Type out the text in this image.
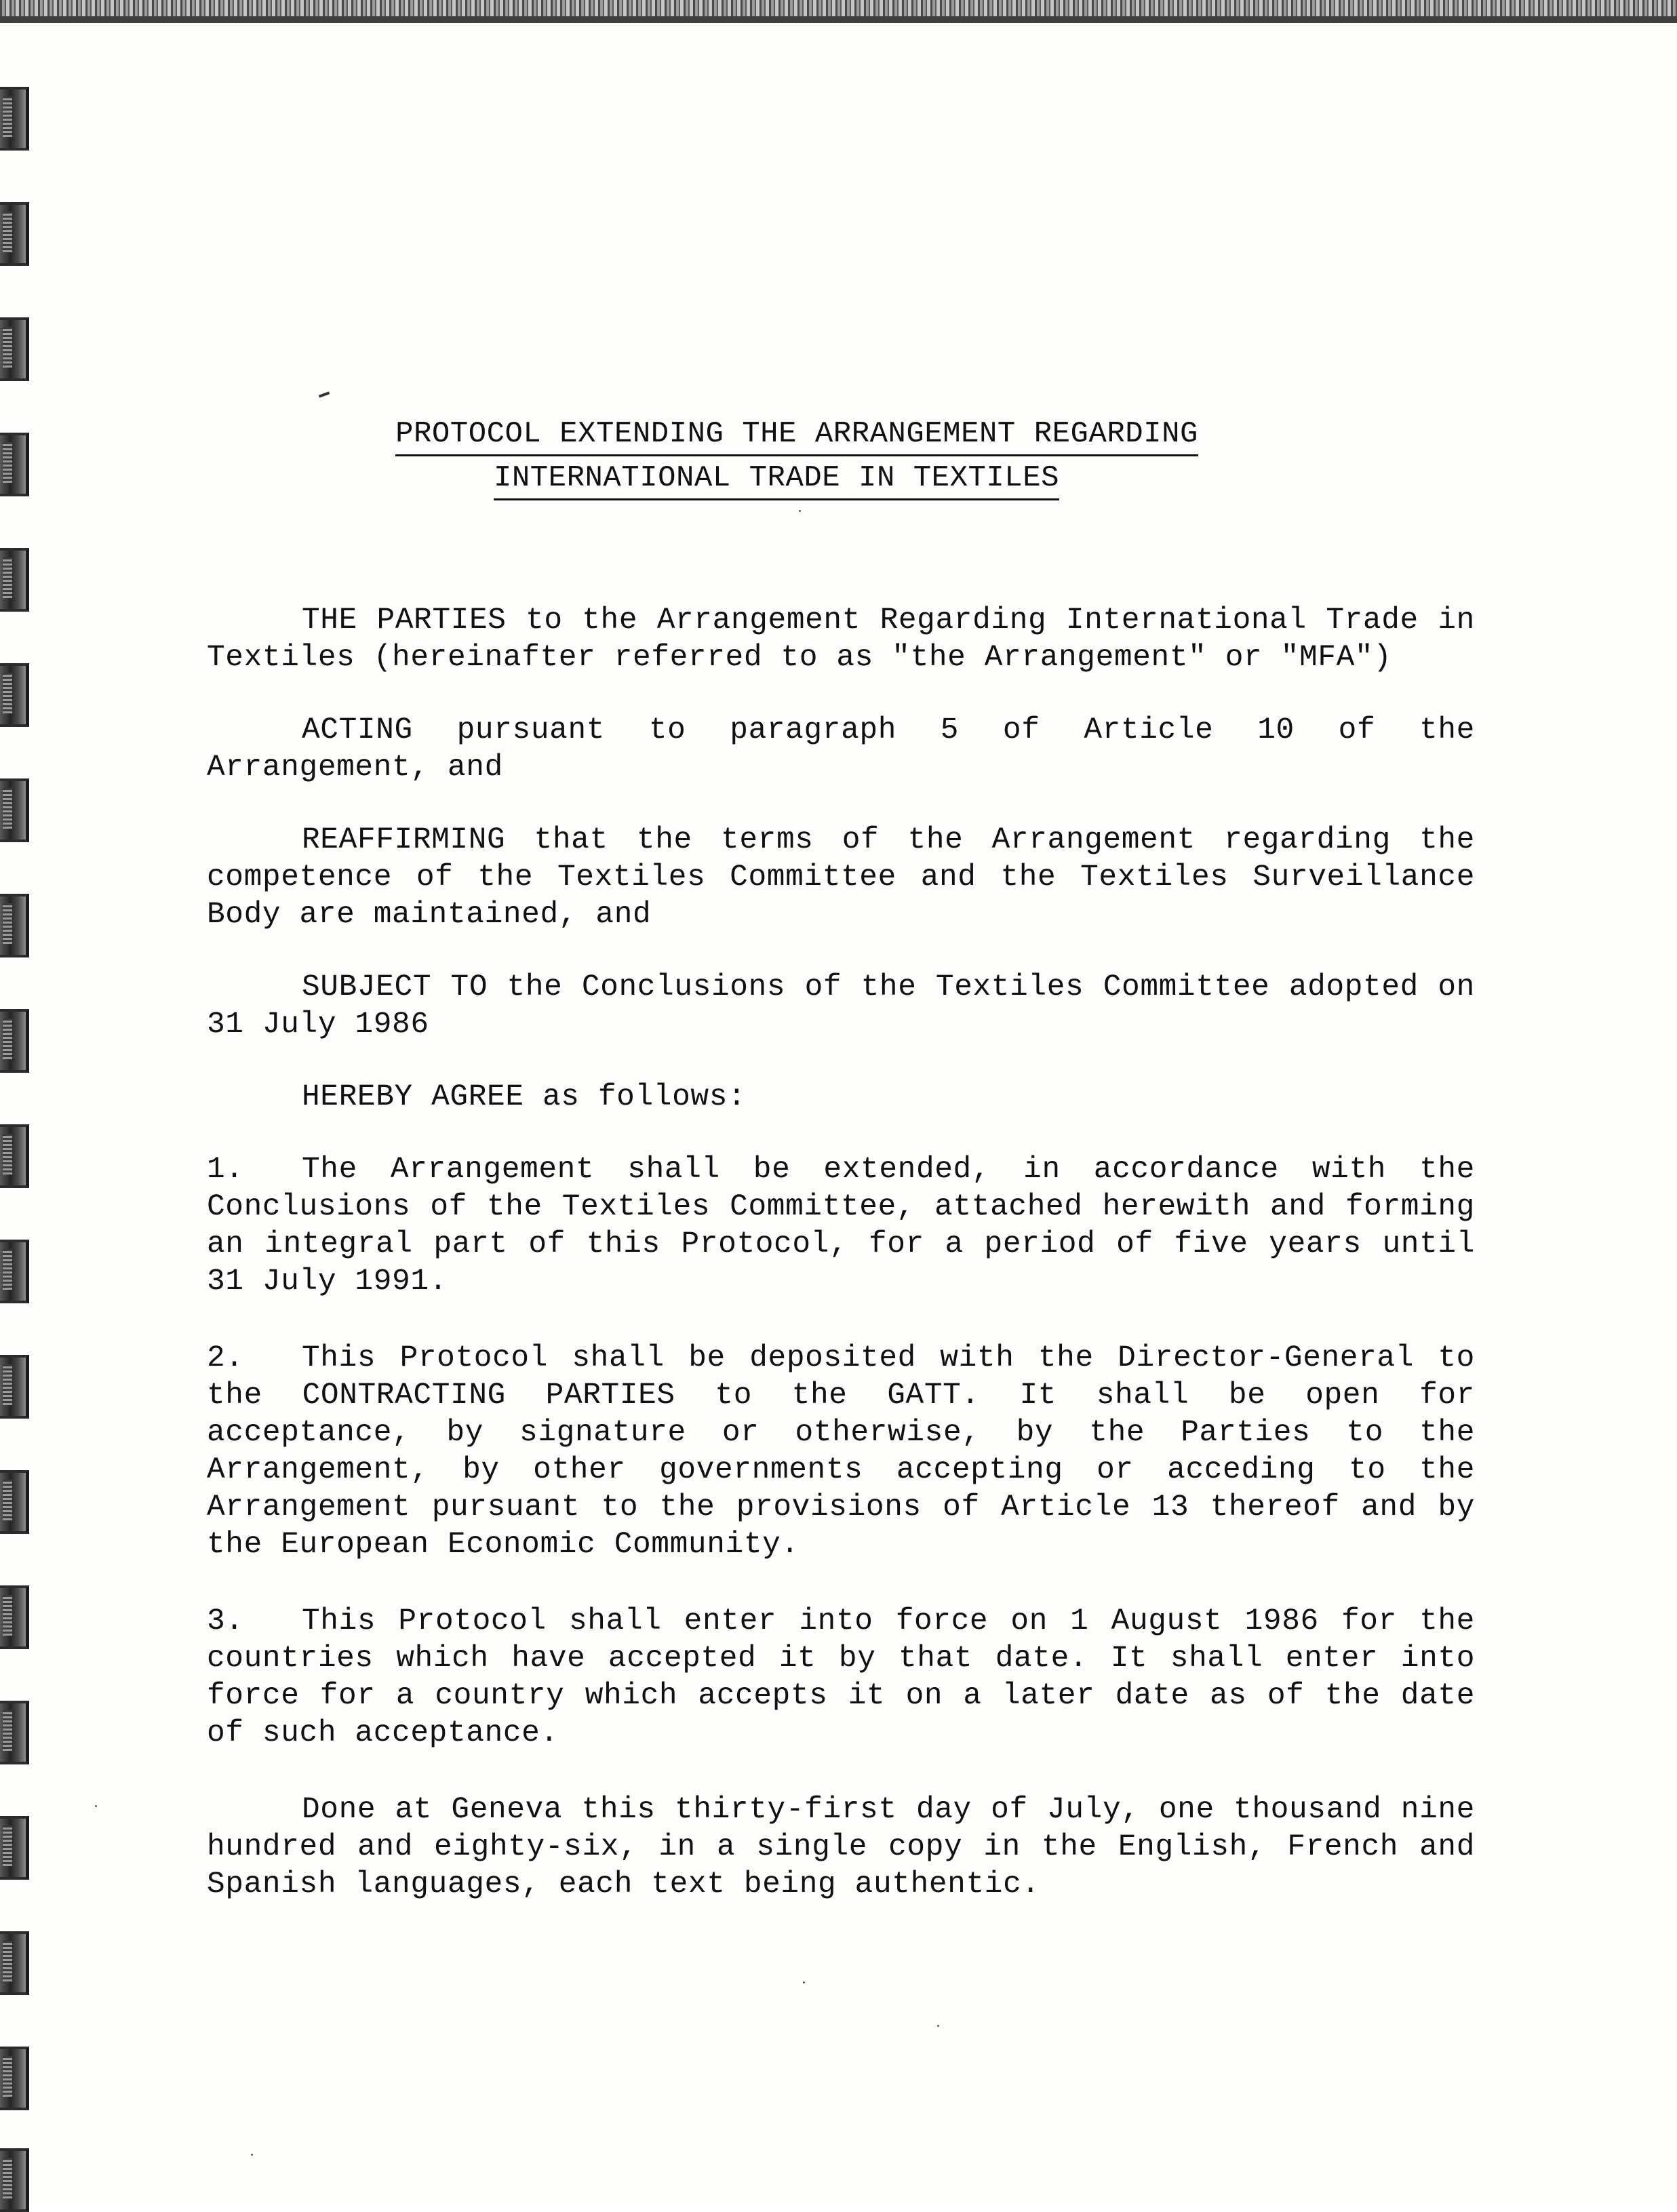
PROTOCOL EXTENDING THE ARRANGEMENT REGARDING
INTERNATIONAL TRADE IN TEXTILES

THE PARTIES to the Arrangement Regarding International Trade in Textiles (hereinafter referred to as "the Arrangement" or "MFA")

ACTING pursuant to paragraph 5 of Article 10 of the Arrangement, and

REAFFIRMING that the terms of the Arrangement regarding the competence of the Textiles Committee and the Textiles Surveillance Body are maintained, and

SUBJECT TO the Conclusions of the Textiles Committee adopted on 31 July 1986

HEREBY AGREE as follows:

1. The Arrangement shall be extended, in accordance with the Conclusions of the Textiles Committee, attached herewith and forming an integral part of this Protocol, for a period of five years until 31 July 1991.

2. This Protocol shall be deposited with the Director-General to the CONTRACTING PARTIES to the GATT. It shall be open for acceptance, by signature or otherwise, by the Parties to the Arrangement, by other governments accepting or acceding to the Arrangement pursuant to the provisions of Article 13 thereof and by the European Economic Community.

3. This Protocol shall enter into force on 1 August 1986 for the countries which have accepted it by that date. It shall enter into force for a country which accepts it on a later date as of the date of such acceptance.

Done at Geneva this thirty-first day of July, one thousand nine hundred and eighty-six, in a single copy in the English, French and Spanish languages, each text being authentic.
